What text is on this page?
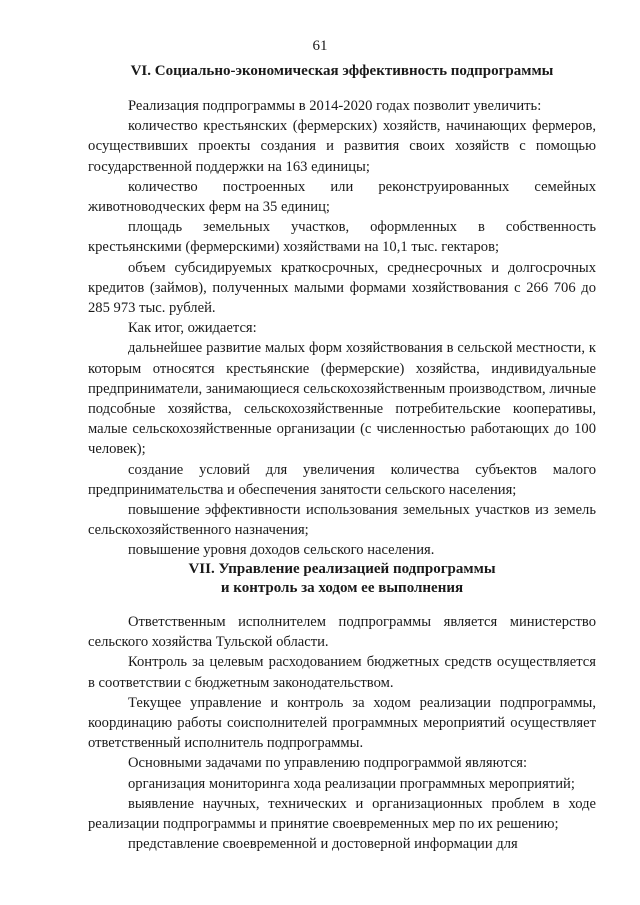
61
VI. Социально-экономическая эффективность подпрограммы

Реализация подпрограммы в 2014-2020 годах позволит увеличить:

количество крестьянских (фермерских) хозяйств, начинающих фермеров, осуществивших проекты создания и развития своих хозяйств с помощью государственной поддержки на 163 единицы;

количество построенных или реконструированных семейных животноводческих ферм на 35 единиц;

площадь земельных участков, оформленных в собственность крестьянскими (фермерскими) хозяйствами на 10,1 тыс. гектаров;

объем субсидируемых краткосрочных, среднесрочных и долгосрочных кредитов (займов), полученных малыми формами хозяйствования с 266 706 до 285 973 тыс. рублей.

Как итог, ожидается:

дальнейшее развитие малых форм хозяйствования в сельской местности, к которым относятся крестьянские (фермерские) хозяйства, индивидуальные предприниматели, занимающиеся сельскохозяйственным производством, личные подсобные хозяйства, сельскохозяйственные потребительские кооперативы, малые сельскохозяйственные организации (с численностью работающих до 100 человек);

создание условий для увеличения количества субъектов малого предпринимательства и обеспечения занятости сельского населения;

повышение эффективности использования земельных участков из земель сельскохозяйственного назначения;

повышение уровня доходов сельского населения.

VII. Управление реализацией подпрограммы
и контроль за ходом ее выполнения

Ответственным исполнителем подпрограммы является министерство сельского хозяйства Тульской области.

Контроль за целевым расходованием бюджетных средств осуществляется в соответствии с бюджетным законодательством.

Текущее управление и контроль за ходом реализации подпрограммы, координацию работы соисполнителей программных мероприятий осуществляет ответственный исполнитель подпрограммы.

Основными задачами по управлению подпрограммой являются:

организация мониторинга хода реализации программных мероприятий;

выявление научных, технических и организационных проблем в ходе реализации подпрограммы и принятие своевременных мер по их решению;

представление своевременной и достоверной информации для
